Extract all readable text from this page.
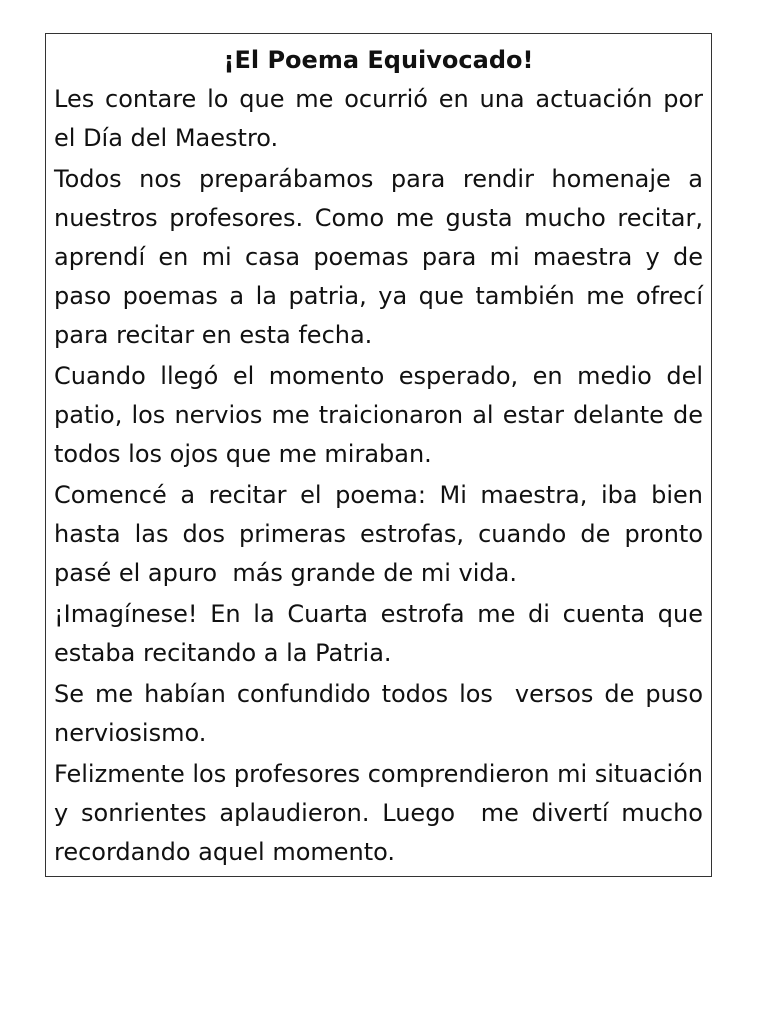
¡El Poema Equivocado!

Les contare lo que me ocurrió en una actuación por el Día del Maestro.

Todos nos preparábamos para rendir homenaje a nuestros profesores. Como me gusta mucho recitar, aprendí en mi casa poemas para mi maestra y de paso poemas a la patria, ya que también me ofrecí para recitar en esta fecha.

Cuando llegó el momento esperado, en medio del patio, los nervios me traicionaron al estar delante de todos los ojos que me miraban.

Comencé a recitar el poema: Mi maestra, iba bien hasta las dos primeras estrofas, cuando de pronto pasé el apuro  más grande de mi vida.

¡Imagínese! En la Cuarta estrofa me di cuenta que estaba recitando a la Patria.

Se me habían confundido todos los  versos de puso nerviosismo.

Felizmente los profesores comprendieron mi situación y sonrientes aplaudieron. Luego  me divertí mucho recordando aquel momento.
